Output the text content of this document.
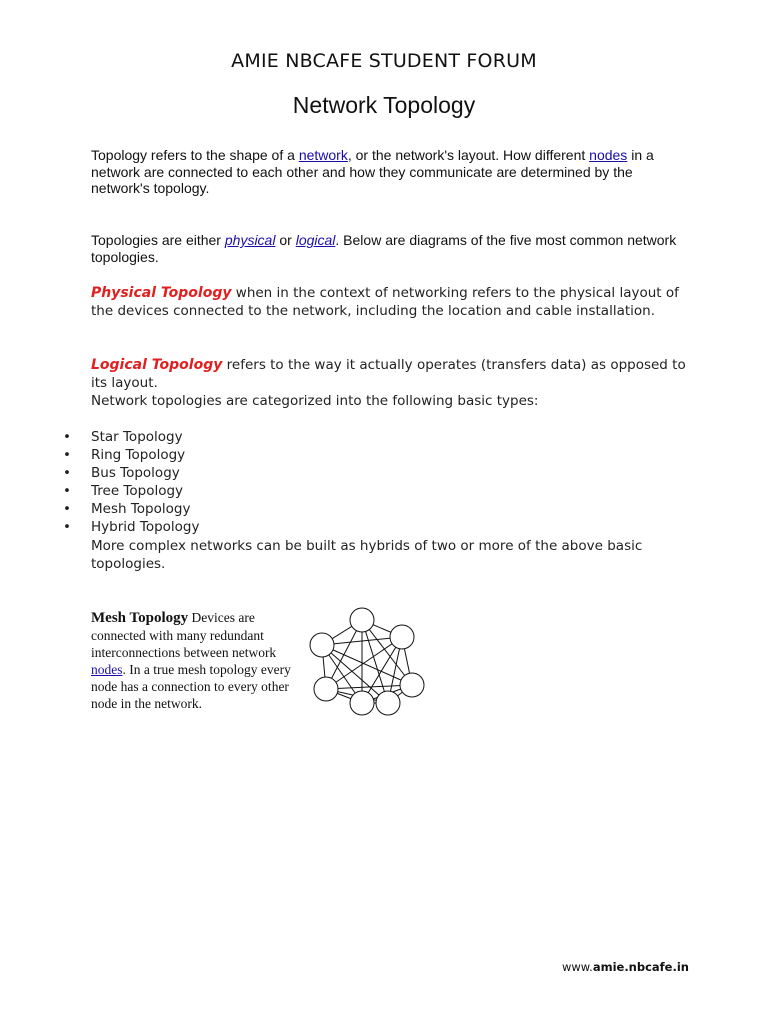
AMIE NBCAFE STUDENT FORUM
Network Topology
Topology refers to the shape of a network, or the network's layout. How different nodes in a network are connected to each other and how they communicate are determined by the network's topology.
Topologies are either physical or logical. Below are diagrams of the five most common network topologies.
Physical Topology when in the context of networking refers to the physical layout of the devices connected to the network, including the location and cable installation.
Logical Topology refers to the way it actually operates (transfers data) as opposed to its layout.
Network topologies are categorized into the following basic types:
• Star Topology
• Ring Topology
• Bus Topology
• Tree Topology
• Mesh Topology
• Hybrid Topology
More complex networks can be built as hybrids of two or more of the above basic topologies.
Mesh Topology Devices are connected with many redundant interconnections between network nodes. In a true mesh topology every node has a connection to every other node in the network.
www.amie.nbcafe.in
